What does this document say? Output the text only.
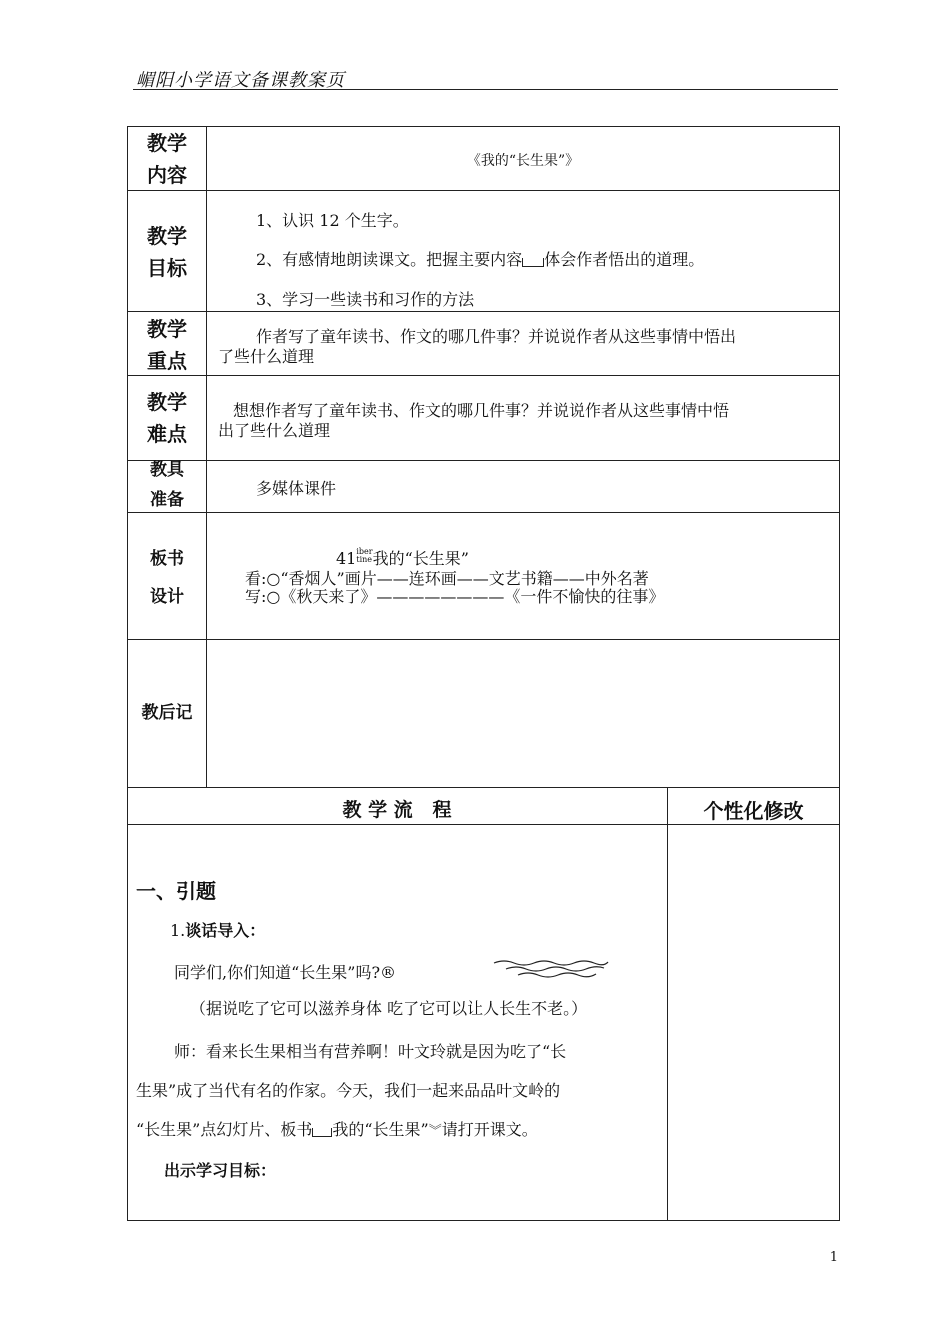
嵋阳小学语文备课教案页
教学
内容
《我的“长生果”》
教学
目标
1、认识 12 个生字。
2、有感情地朗读课文。把握主要内容 体会作者悟出的道理。
3、学习一些读书和习作的方法
教学
重点
作者写了童年读书、作文的哪几件事？并说说作者从这些事情中悟出
了些什么道理
教学
难点
想想作者写了童年读书、作文的哪几件事？并说说作者从这些事情中悟
出了些什么道理
教具
准备
多媒体课件
板书
设计
41 iber
tine 我的“长生果”
看:○“香烟人”画片——连环画——文艺书籍——中外名著
写:○《秋天来了》————————《一件不愉快的往事》
教后记
教 学 流   程	个性化修改
一、引题
1.谈话导入：
同学们,你们知道“长生果”吗?®
（据说吃了它可以滋养身体 吃了它可以让人长生不老。）
师：看来长生果相当有营养啊！叶文玲就是因为吃了“长
生果”成了当代有名的作家。今天，我们一起来品品叶文岭的
“长生果”点幻灯片、板书 我的“长生果”︾请打开课文。
出示学习目标：
1
